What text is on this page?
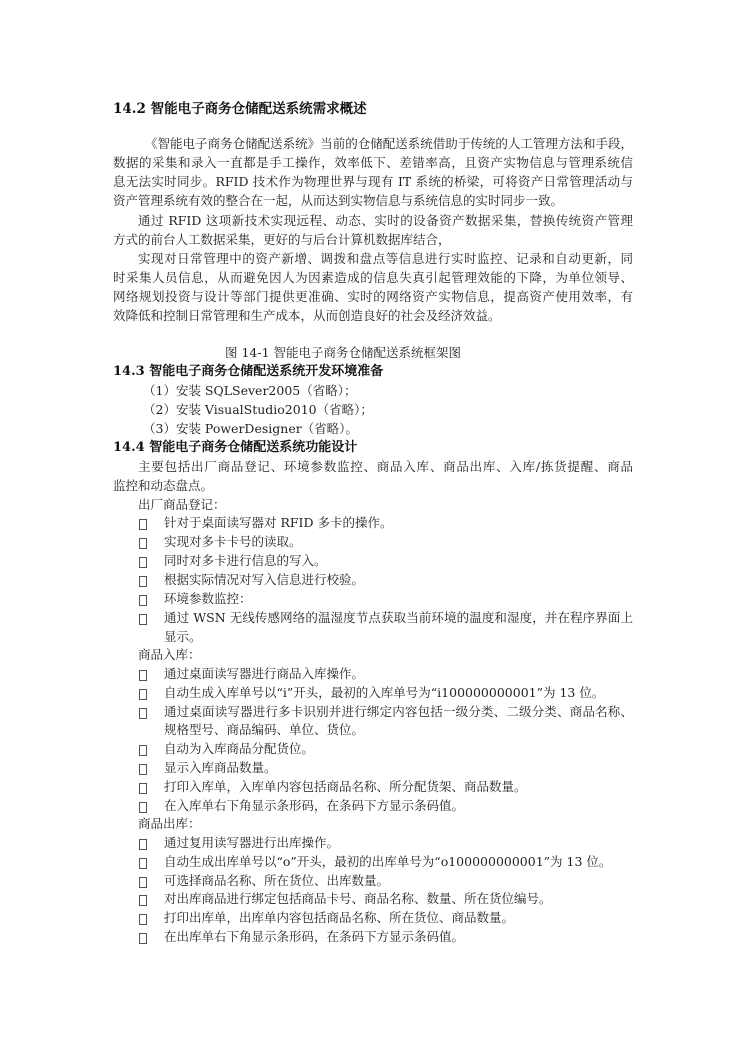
14.2 智能电子商务仓储配送系统需求概述
《智能电子商务仓储配送系统》当前的仓储配送系统借助于传统的人工管理方法和手段，
数据的采集和录入一直都是手工操作，效率低下、差错率高，且资产实物信息与管理系统信
息无法实时同步。RFID 技术作为物理世界与现有 IT 系统的桥梁，可将资产日常管理活动与
资产管理系统有效的整合在一起，从而达到实物信息与系统信息的实时同步一致。
通过 RFID 这项新技术实现远程、动态、实时的设备资产数据采集，替换传统资产管理
方式的前台人工数据采集，更好的与后台计算机数据库结合，
实现对日常管理中的资产新增、调拨和盘点等信息进行实时监控、记录和自动更新，同
时采集人员信息，从而避免因人为因素造成的信息失真引起管理效能的下降，为单位领导、
网络规划投资与设计等部门提供更准确、实时的网络资产实物信息，提高资产使用效率，有
效降低和控制日常管理和生产成本，从而创造良好的社会及经济效益。
图 14-1 智能电子商务仓储配送系统框架图
14.3 智能电子商务仓储配送系统开发环境准备
（1）安装 SQLSever2005（省略）；
（2）安装 VisualStudio2010（省略）；
（3）安装 PowerDesigner（省略）。
14.4 智能电子商务仓储配送系统功能设计
主要包括出厂商品登记、环境参数监控、商品入库、商品出库、入库/拣货提醒、商品
监控和动态盘点。
出厂商品登记：
针对于桌面读写器对 RFID 多卡的操作。
实现对多卡卡号的读取。
同时对多卡进行信息的写入。
根据实际情况对写入信息进行校验。
环境参数监控：
通过 WSN 无线传感网络的温湿度节点获取当前环境的温度和湿度，并在程序界面上
显示。
商品入库：
通过桌面读写器进行商品入库操作。
自动生成入库单号以“i”开头，最初的入库单号为“i100000000001”为 13 位。
通过桌面读写器进行多卡识别并进行绑定内容包括一级分类、二级分类、商品名称、
规格型号、商品编码、单位、货位。
自动为入库商品分配货位。
显示入库商品数量。
打印入库单，入库单内容包括商品名称、所分配货架、商品数量。
在入库单右下角显示条形码，在条码下方显示条码值。
商品出库：
通过复用读写器进行出库操作。
自动生成出库单号以“o”开头，最初的出库单号为“o100000000001”为 13 位。
可选择商品名称、所在货位、出库数量。
对出库商品进行绑定包括商品卡号、商品名称、数量、所在货位编号。
打印出库单，出库单内容包括商品名称、所在货位、商品数量。
在出库单右下角显示条形码，在条码下方显示条码值。
